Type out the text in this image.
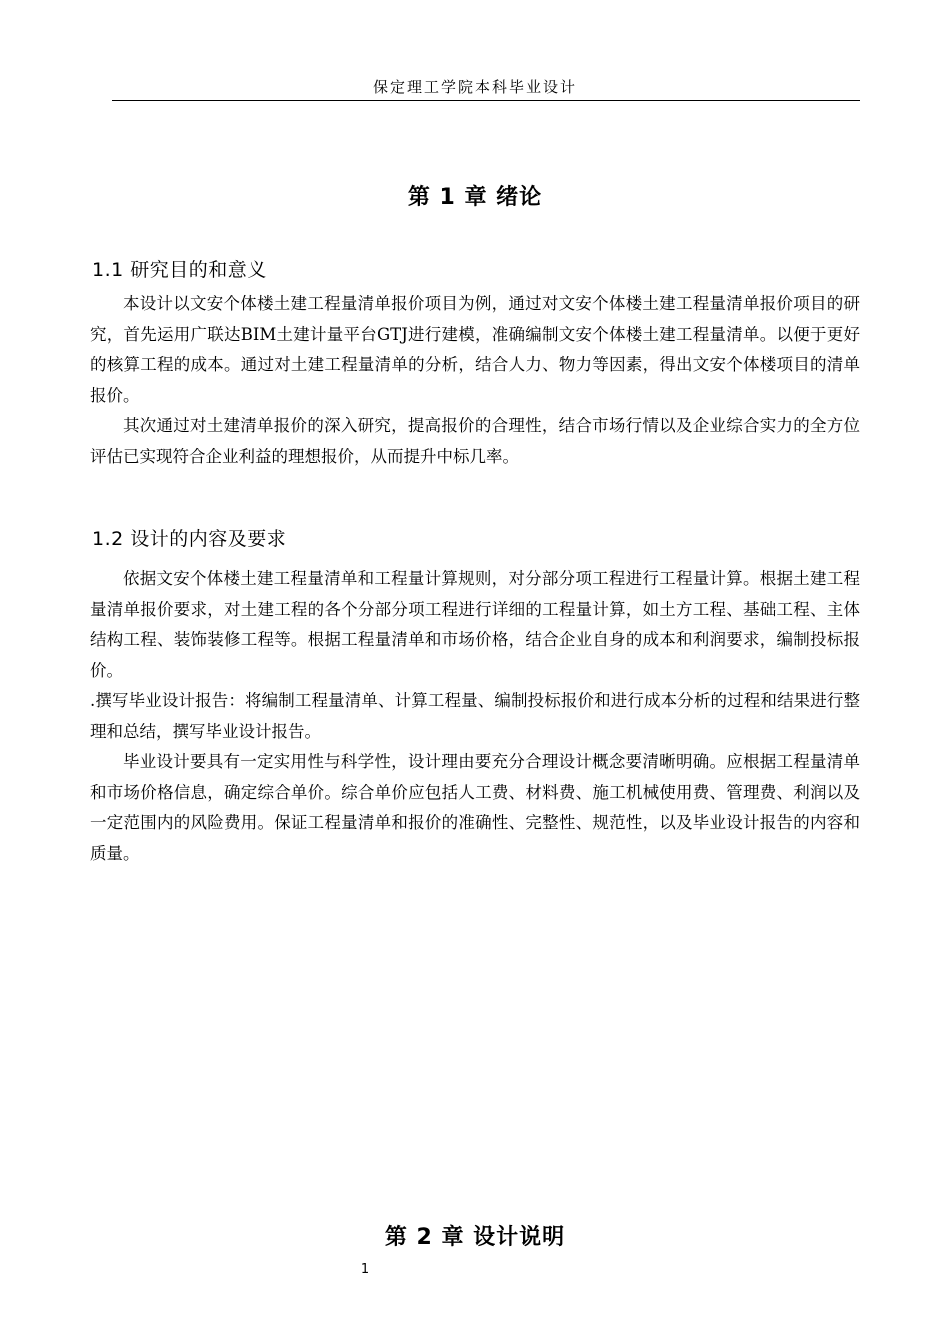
保定理工学院本科毕业设计
第 1 章 绪论
1.1 研究目的和意义

本设计以文安个体楼土建工程量清单报价项目为例，通过对文安个体楼土建工程量清单报价项目的研究，首先运用广联达BIM土建计量平台GTJ进行建模，准确编制文安个体楼土建工程量清单。以便于更好的核算工程的成本。通过对土建工程量清单的分析，结合人力、物力等因素，得出文安个体楼项目的清单报价。

其次通过对土建清单报价的深入研究，提高报价的合理性，结合市场行情以及企业综合实力的全方位评估已实现符合企业利益的理想报价，从而提升中标几率。

1.2 设计的内容及要求

依据文安个体楼土建工程量清单和工程量计算规则，对分部分项工程进行工程量计算。根据土建工程量清单报价要求，对土建工程的各个分部分项工程进行详细的工程量计算，如土方工程、基础工程、主体结构工程、装饰装修工程等。根据工程量清单和市场价格，结合企业自身的成本和利润要求，编制投标报价。

.撰写毕业设计报告：将编制工程量清单、计算工程量、编制投标报价和进行成本分析的过程和结果进行整理和总结，撰写毕业设计报告。

毕业设计要具有一定实用性与科学性，设计理由要充分合理设计概念要清晰明确。应根据工程量清单和市场价格信息，确定综合单价。综合单价应包括人工费、材料费、施工机械使用费、管理费、利润以及一定范围内的风险费用。保证工程量清单和报价的准确性、完整性、规范性，以及毕业设计报告的内容和质量。

第 2 章 设计说明
1
